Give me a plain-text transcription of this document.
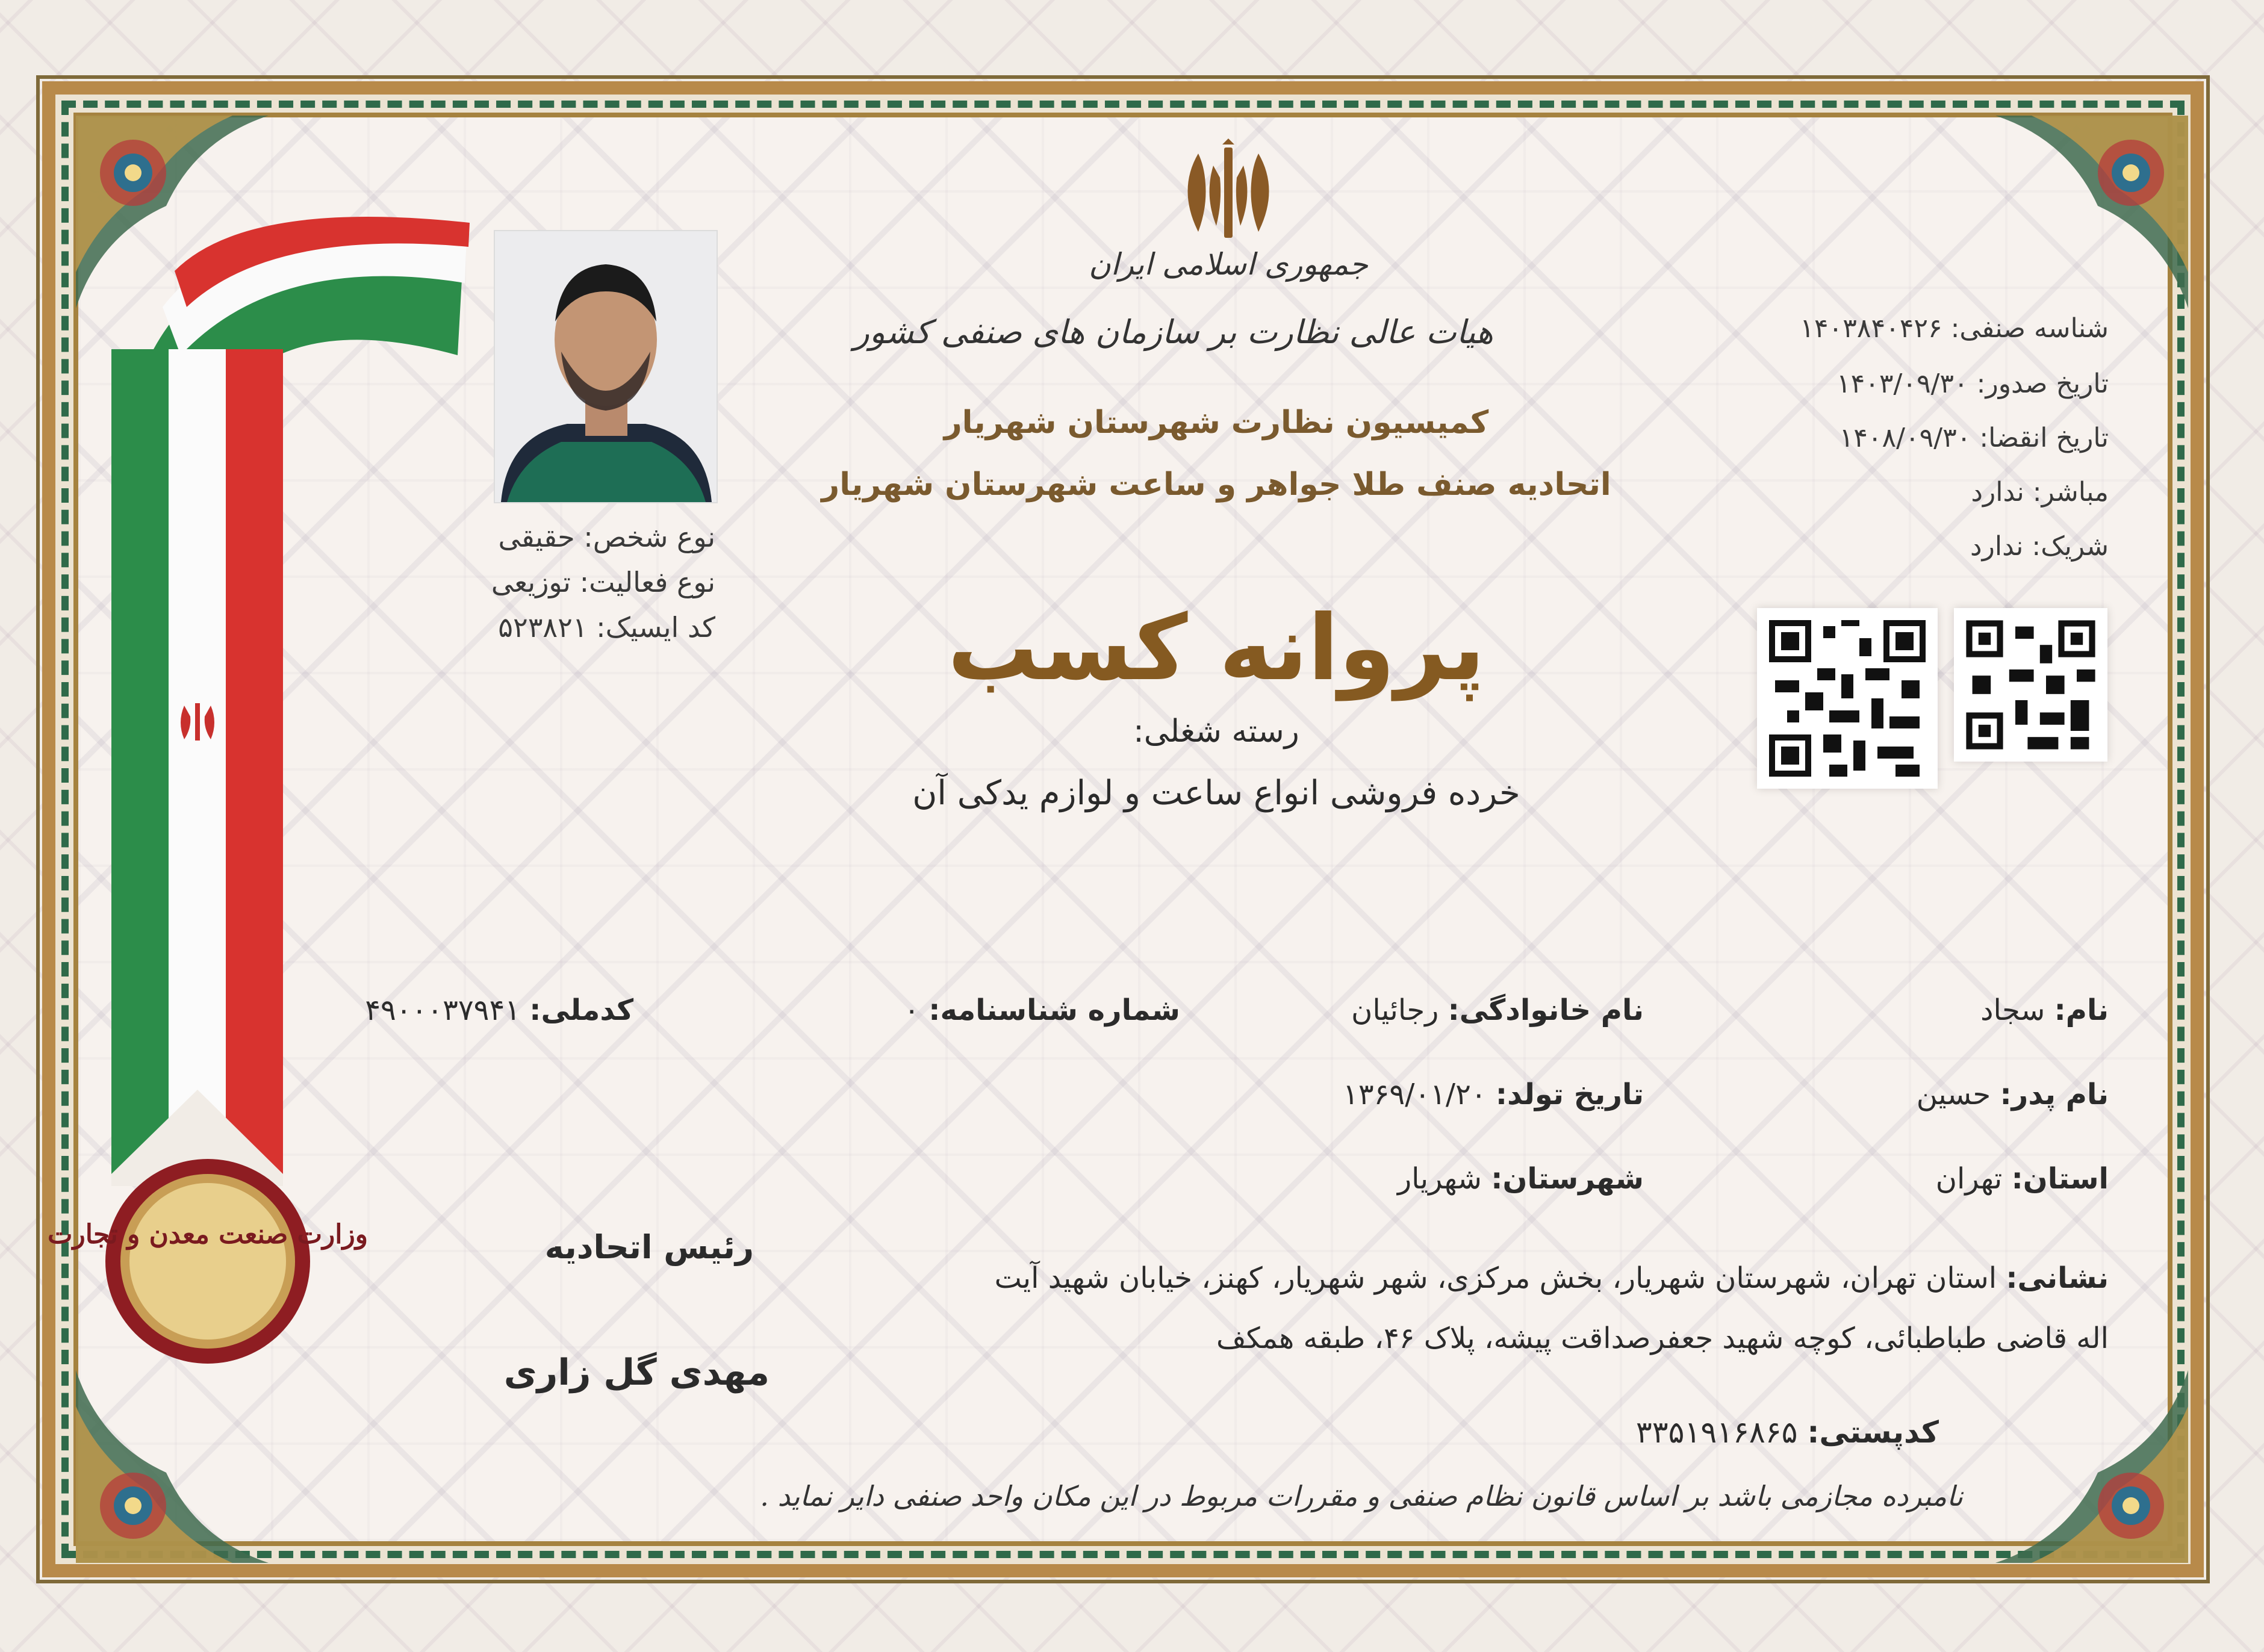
وزارت صنعت معدن و تجارت
نوع شخص: حقیقی
نوع فعالیت: توزیعی
کد ایسیک: ۵۲۳۸۲۱
جمهوری اسلامی ایران
هیات عالی نظارت بر سازمان های صنفی کشور
کمیسیون نظارت شهرستان شهریار
اتحادیه صنف طلا جواهر و ساعت شهرستان شهریار
پروانه کسب
رسته شغلی:
خرده فروشی انواع ساعت و لوازم یدکی آن
شناسه صنفی: ۱۴۰۳۸۴۰۴۲۶
تاریخ صدور: ۱۴۰۳/۰۹/۳۰
تاریخ انقضا: ۱۴۰۸/۰۹/۳۰
مباشر: ندارد
شریک: ندارد
نام: سجاد
نام خانوادگی: رجائیان
شماره شناسنامه: ۰
کدملی: ۴۹۰۰۰۳۷۹۴۱
نام پدر: حسین
تاریخ تولد: ۱۳۶۹/۰۱/۲۰
استان: تهران
شهرستان: شهریار
نشانی: استان تهران، شهرستان شهریار، بخش مرکزی، شهر شهریار، کهنز، خیابان شهید آیت
اله قاضی طباطبائی، کوچه شهید جعفرصداقت پیشه، پلاک ۴۶، طبقه همکف
کدپستی: ۳۳۵۱۹۱۶۸۶۵
رئیس اتحادیه
مهدی گل زاری
نامبرده مجازمی باشد بر اساس قانون نظام صنفی و مقررات مربوط در این مکان واحد صنفی دایر نماید .
